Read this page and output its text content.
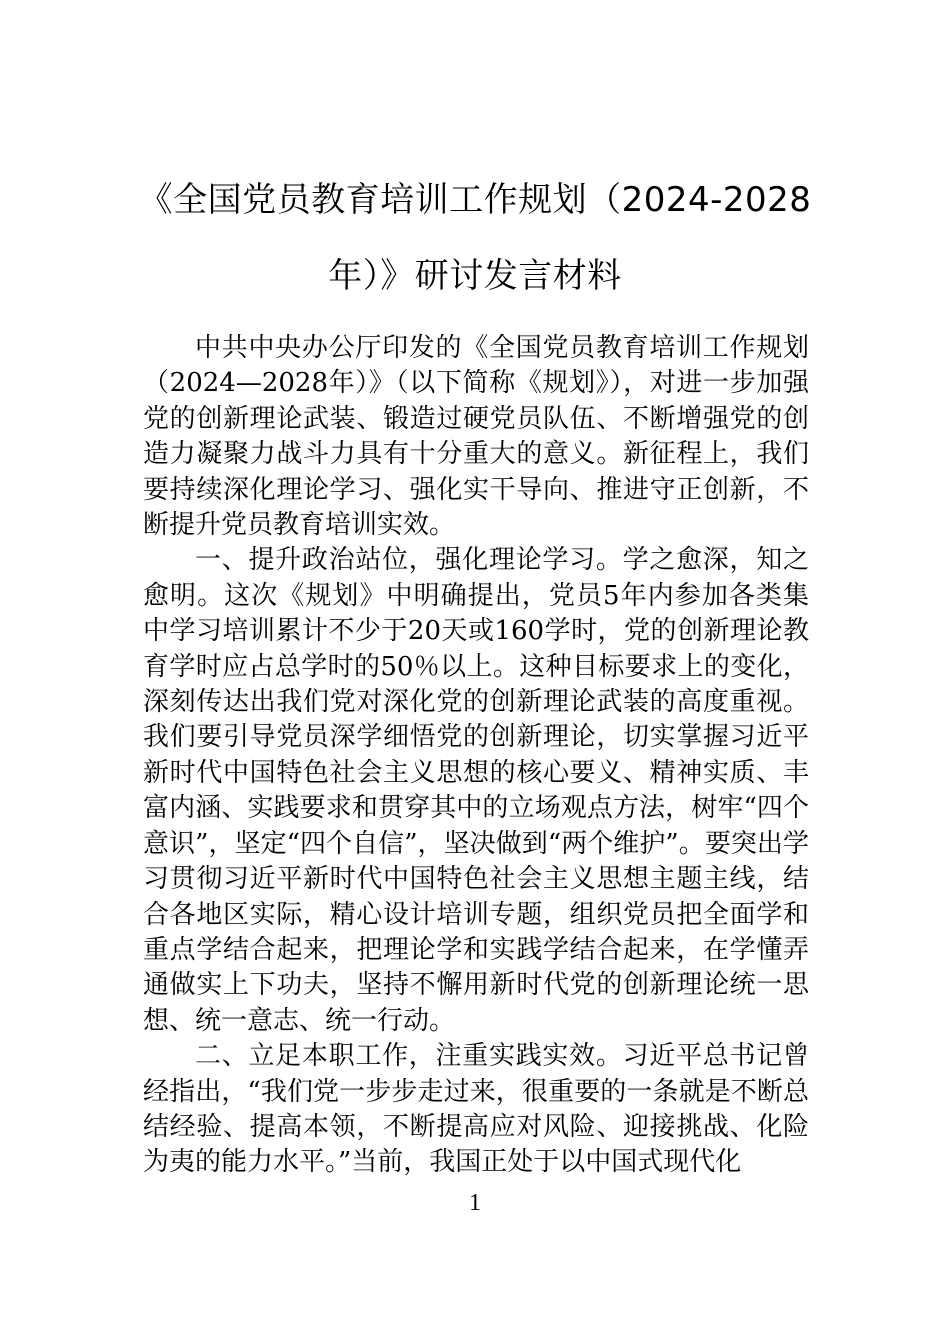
《全国党员教育培训工作规划（2024-2028年）》研讨发言材料

中共中央办公厅印发的《全国党员教育培训工作规划（2024—2028年）》（以下简称《规划》），对进一步加强党的创新理论武装、锻造过硬党员队伍、不断增强党的创造力凝聚力战斗力具有十分重大的意义。新征程上，我们要持续深化理论学习、强化实干导向、推进守正创新，不断提升党员教育培训实效。

一、提升政治站位，强化理论学习。学之愈深，知之愈明。这次《规划》中明确提出，党员5年内参加各类集中学习培训累计不少于20天或160学时，党的创新理论教育学时应占总学时的50％以上。这种目标要求上的变化，深刻传达出我们党对深化党的创新理论武装的高度重视。我们要引导党员深学细悟党的创新理论，切实掌握习近平新时代中国特色社会主义思想的核心要义、精神实质、丰富内涵、实践要求和贯穿其中的立场观点方法，树牢“四个意识”，坚定“四个自信”，坚决做到“两个维护”。要突出学习贯彻习近平新时代中国特色社会主义思想主题主线，结合各地区实际，精心设计培训专题，组织党员把全面学和重点学结合起来，把理论学和实践学结合起来，在学懂弄通做实上下功夫，坚持不懈用新时代党的创新理论统一思想、统一意志、统一行动。

二、立足本职工作，注重实践实效。习近平总书记曾经指出，“我们党一步步走过来，很重要的一条就是不断总结经验、提高本领，不断提高应对风险、迎接挑战、化险为夷的能力水平。”当前，我国正处于以中国式现代化

1
